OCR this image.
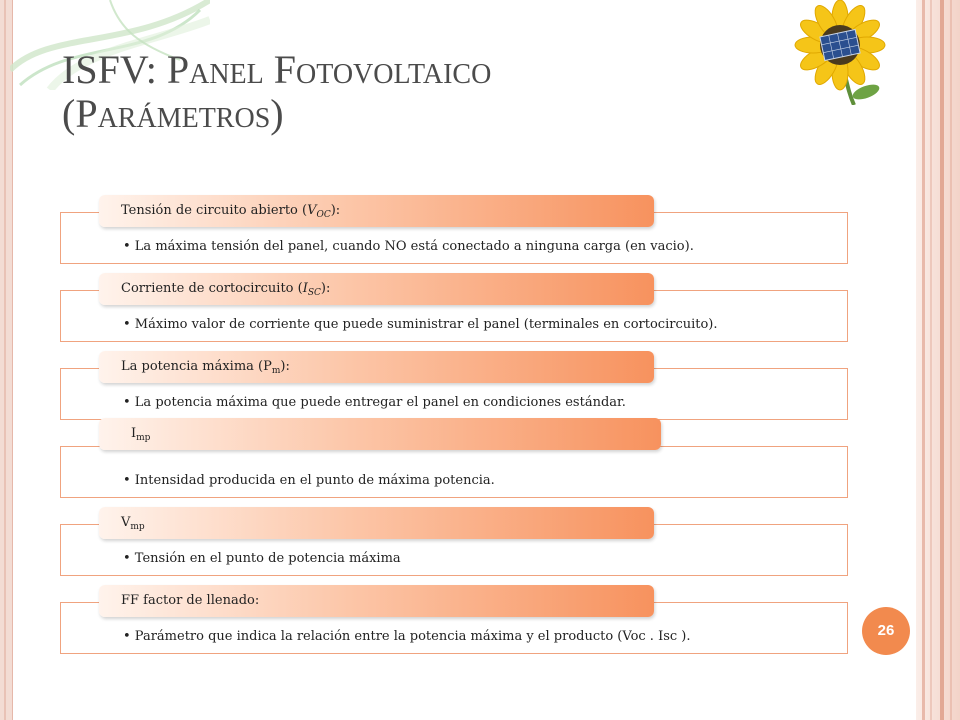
ISFV: Panel Fotovoltaico
(Parámetros)
• La máxima tensión del panel, cuando NO está conectado a ninguna carga (en vacio).
Tensión de circuito abierto $(V_{OC})$:
• Máximo valor de corriente que puede suministrar el panel (terminales en cortocircuito).
Corriente de cortocircuito $(I_{SC})$:
• La potencia máxima que puede entregar el panel en condiciones estándar.
La potencia máxima $(P_m)$:
• Intensidad producida en el punto de máxima potencia.
$I_{mp}$
• Tensión en el punto de potencia máxima
$V_{mp}$
• Parámetro que indica la relación entre la potencia máxima y el producto (Voc . Isc ).
FF factor de llenado:
26
